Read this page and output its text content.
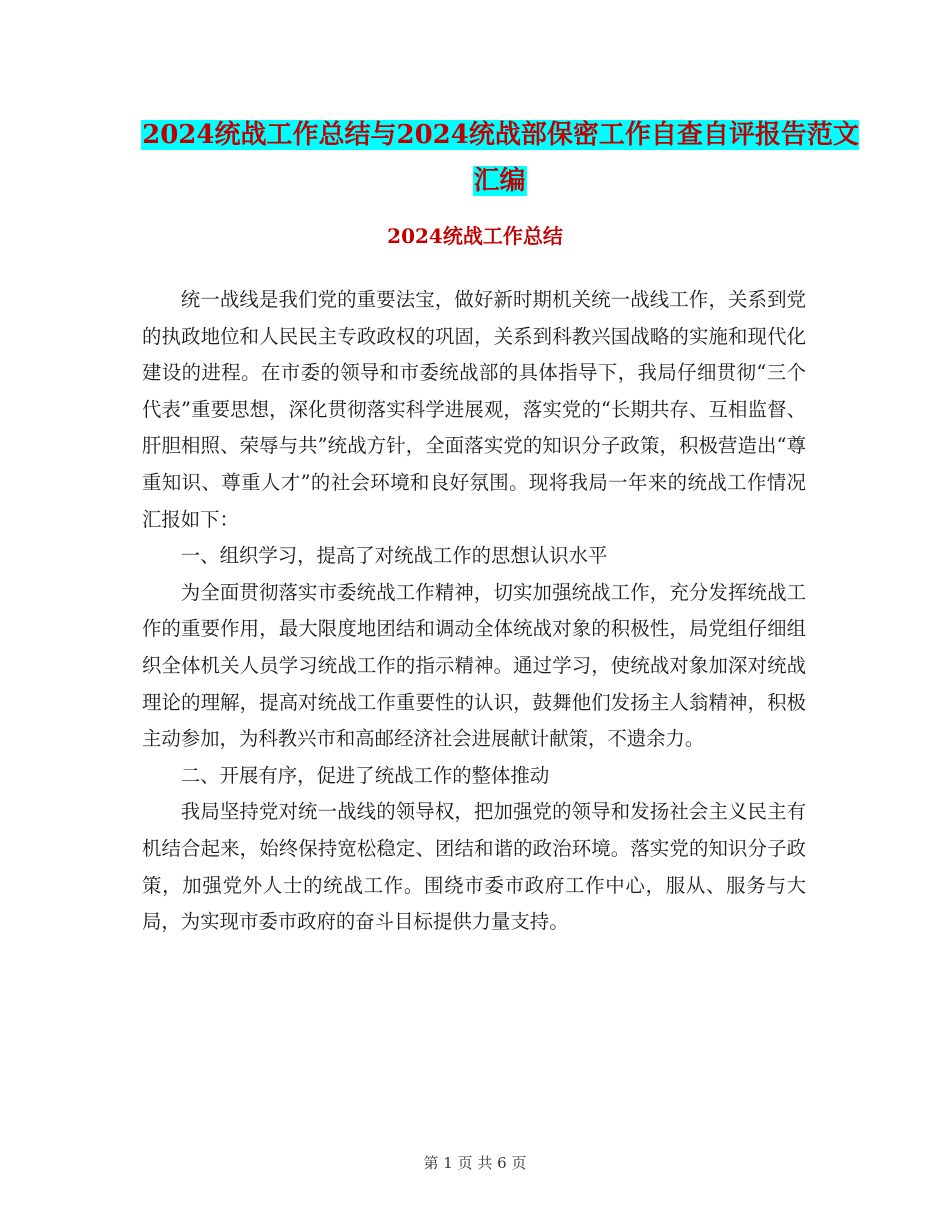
2024统战工作总结与2024统战部保密工作自查自评报告范文汇编
2024统战工作总结

统一战线是我们党的重要法宝，做好新时期机关统一战线工作，关系到党的执政地位和人民民主专政政权的巩固，关系到科教兴国战略的实施和现代化建设的进程。在市委的领导和市委统战部的具体指导下，我局仔细贯彻“三个代表”重要思想，深化贯彻落实科学进展观，落实党的“长期共存、互相监督、肝胆相照、荣辱与共”统战方针，全面落实党的知识分子政策，积极营造出“尊重知识、尊重人才”的社会环境和良好氛围。现将我局一年来的统战工作情况汇报如下：

一、组织学习，提高了对统战工作的思想认识水平

为全面贯彻落实市委统战工作精神，切实加强统战工作，充分发挥统战工作的重要作用，最大限度地团结和调动全体统战对象的积极性，局党组仔细组织全体机关人员学习统战工作的指示精神。通过学习，使统战对象加深对统战理论的理解，提高对统战工作重要性的认识，鼓舞他们发扬主人翁精神，积极主动参加，为科教兴市和高邮经济社会进展献计献策，不遗余力。

二、开展有序，促进了统战工作的整体推动

我局坚持党对统一战线的领导权，把加强党的领导和发扬社会主义民主有机结合起来，始终保持宽松稳定、团结和谐的政治环境。落实党的知识分子政策，加强党外人士的统战工作。围绕市委市政府工作中心，服从、服务与大局，为实现市委市政府的奋斗目标提供力量支持。

第 1 页 共 6 页
